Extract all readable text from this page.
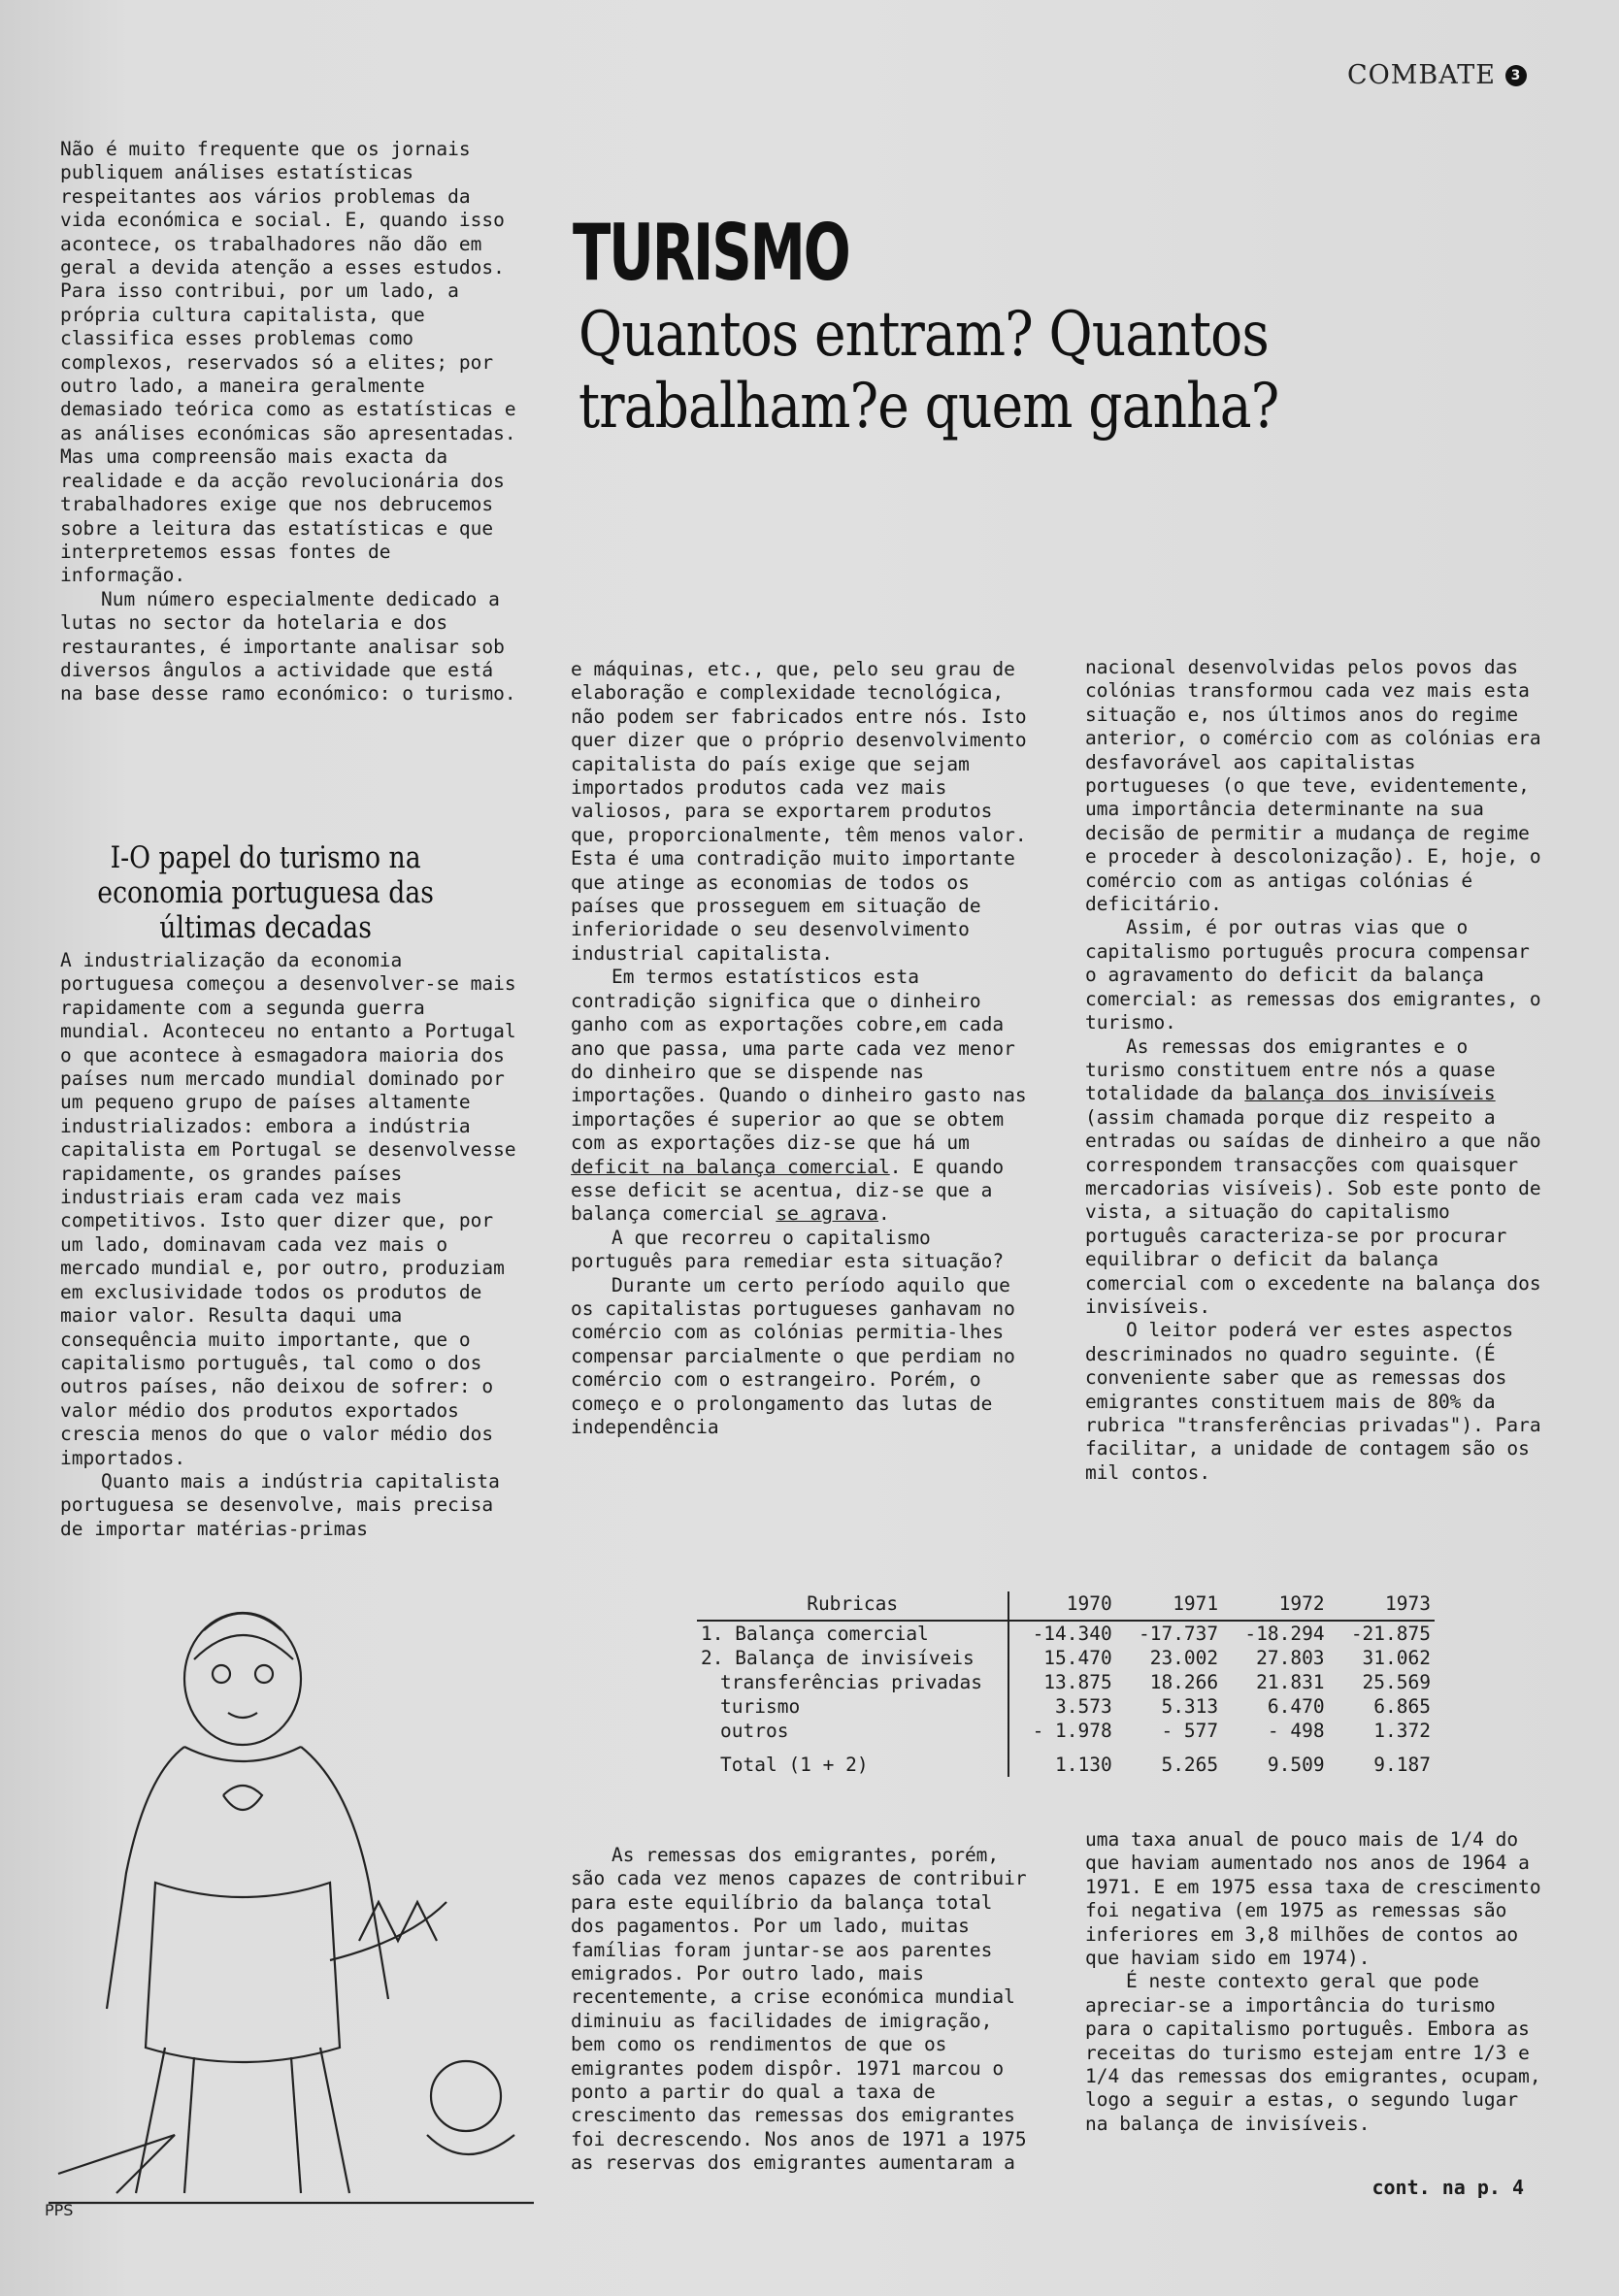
COMBATE	3

Não é muito frequente que os jornais publiquem análises estatísticas respeitantes aos vários problemas da vida económica e social. E, quando isso acontece, os trabalhadores não dão em geral a devida atenção a esses estudos. Para isso contribui, por um lado, a própria cultura capitalista, que classifica esses problemas como complexos, reservados só a elites; por outro lado, a maneira geralmente demasiado teórica como as estatísticas e as análises económicas são apresentadas. Mas uma compreensão mais exacta da realidade e da acção revolucionária dos trabalhadores exige que nos debrucemos sobre a leitura das estatísticas e que interpretemos essas fontes de informação.

Num número especialmente dedicado a lutas no sector da hotelaria e dos restaurantes, é importante analisar sob diversos ângulos a actividade que está na base desse ramo económico: o turismo.

TURISMO
Quantos entram? Quantos trabalham?e quem ganha?
I-O papel do turismo na economia portuguesa das últimas decadas

A industrialização da economia portuguesa começou a desenvolver-se mais rapidamente com a segunda guerra mundial. Aconteceu no entanto a Portugal o que acontece à esmagadora maioria dos países num mercado mundial dominado por um pequeno grupo de países altamente industrializados: embora a indústria capitalista em Portugal se desenvolvesse rapidamente, os grandes países industriais eram cada vez mais competitivos. Isto quer dizer que, por um lado, dominavam cada vez mais o mercado mundial e, por outro, produziam em exclusividade todos os produtos de maior valor. Resulta daqui uma consequência muito importante, que o capitalismo português, tal como o dos outros países, não deixou de sofrer: o valor médio dos produtos exportados crescia menos do que o valor médio dos importados.

Quanto mais a indústria capitalista portuguesa se desenvolve, mais precisa de importar matérias-primas

PPS

e máquinas, etc., que, pelo seu grau de elaboração e complexidade tecnológica, não podem ser fabricados entre nós. Isto quer dizer que o próprio desenvolvimento capitalista do país exige que sejam importados produtos cada vez mais valiosos, para se exportarem produtos que, proporcionalmente, têm menos valor. Esta é uma contradição muito importante que atinge as economias de todos os países que prosseguem em situação de inferioridade o seu desenvolvimento industrial capitalista.

Em termos estatísticos esta contradição significa que o dinheiro ganho com as exportações cobre,em cada ano que passa, uma parte cada vez menor do dinheiro que se dispende nas importações. Quando o dinheiro gasto nas importações é superior ao que se obtem com as exportações diz-se que há um deficit na balança comercial. E quando esse deficit se acentua, diz-se que a balança comercial se agrava.

A que recorreu o capitalismo português para remediar esta situação?

Durante um certo período aquilo que os capitalistas portugueses ganhavam no comércio com as colónias permitia-lhes compensar parcialmente o que perdiam no comércio com o estrangeiro. Porém, o começo e o prolongamento das lutas de independência

nacional desenvolvidas pelos povos das colónias transformou cada vez mais esta situação e, nos últimos anos do regime anterior, o comércio com as colónias era desfavorável aos capitalistas portugueses (o que teve, evidentemente, uma importância determinante na sua decisão de permitir a mudança de regime e proceder à descolonização). E, hoje, o comércio com as antigas colónias é deficitário.

Assim, é por outras vias que o capitalismo português procura compensar o agravamento do deficit da balança comercial: as remessas dos emigrantes, o turismo.

As remessas dos emigrantes e o turismo constituem entre nós a quase totalidade da balança dos invisíveis (assim chamada porque diz respeito a entradas ou saídas de dinheiro a que não correspondem transacções com quaisquer mercadorias visíveis). Sob este ponto de vista, a situação do capitalismo português caracteriza-se por procurar equilibrar o deficit da balança comercial com o excedente na balança dos invisíveis.

O leitor poderá ver estes aspectos descriminados no quadro seguinte. (É conveniente saber que as remessas dos emigrantes constituem mais de 80% da rubrica "transferências privadas"). Para facilitar, a unidade de contagem são os mil contos.

Rubricas	1970	1971	1972	1973
1. Balança comercial	-14.340	-17.737	-18.294	-21.875
2. Balança de invisíveis	15.470	23.002	27.803	31.062
transferências privadas	13.875	18.266	21.831	25.569
turismo	3.573	5.313	6.470	6.865
outros	- 1.978	- 577	- 498	1.372
Total (1 + 2)	1.130	5.265	9.509	9.187

As remessas dos emigrantes, porém, são cada vez menos capazes de contribuir para este equilíbrio da balança total dos pagamentos. Por um lado, muitas famílias foram juntar-se aos parentes emigrados. Por outro lado, mais recentemente, a crise económica mundial diminuiu as facilidades de imigração, bem como os rendimentos de que os emigrantes podem dispôr. 1971 marcou o ponto a partir do qual a taxa de crescimento das remessas dos emigrantes foi decrescendo. Nos anos de 1971 a 1975 as reservas dos emigrantes aumentaram a

uma taxa anual de pouco mais de 1/4 do que haviam aumentado nos anos de 1964 a 1971. E em 1975 essa taxa de crescimento foi negativa (em 1975 as remessas são inferiores em 3,8 milhões de contos ao que haviam sido em 1974).

É neste contexto geral que pode apreciar-se a importância do turismo para o capitalismo português. Embora as receitas do turismo estejam entre 1/3 e 1/4 das remessas dos emigrantes, ocupam, logo a seguir a estas, o segundo lugar na balança de invisíveis.

cont. na p. 4
